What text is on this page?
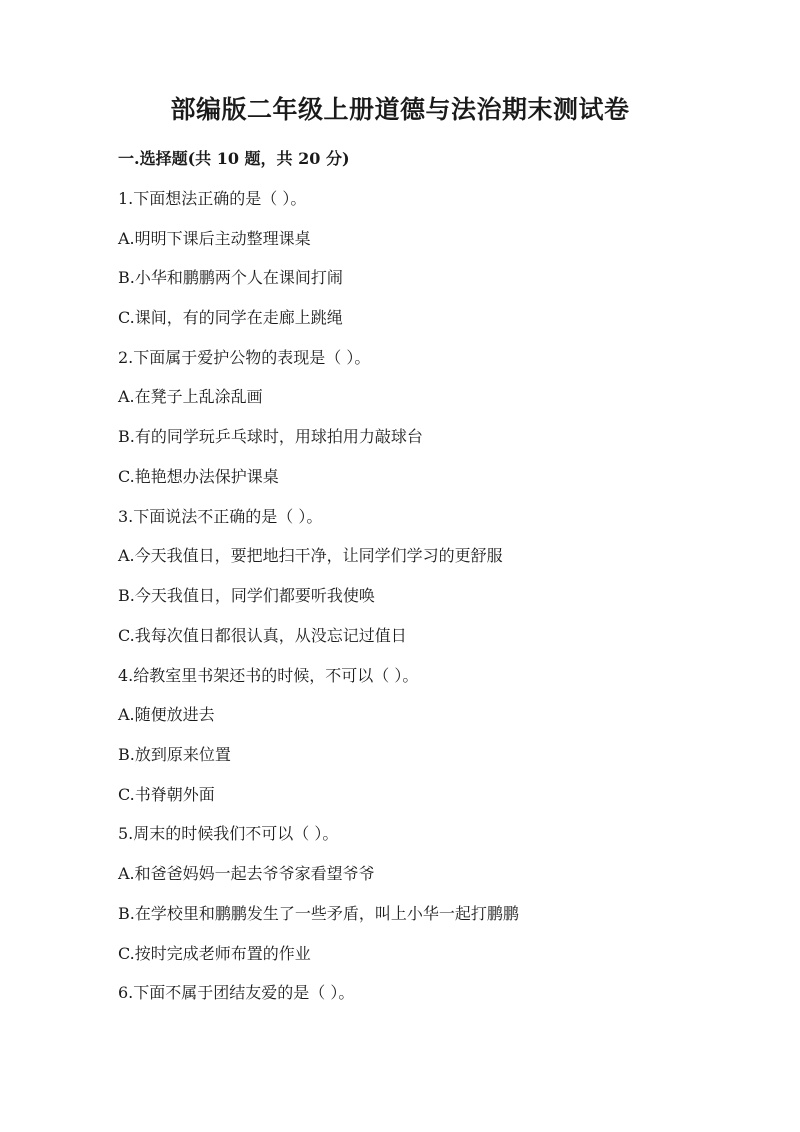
部编版二年级上册道德与法治期末测试卷
一.选择题(共 10 题，共 20 分)
1.下面想法正确的是（ ）。
A.明明下课后主动整理课桌
B.小华和鹏鹏两个人在课间打闹
C.课间，有的同学在走廊上跳绳
2.下面属于爱护公物的表现是（ ）。
A.在凳子上乱涂乱画
B.有的同学玩乒乓球时，用球拍用力敲球台
C.艳艳想办法保护课桌
3.下面说法不正确的是（ ）。
A.今天我值日，要把地扫干净，让同学们学习的更舒服
B.今天我值日，同学们都要听我使唤
C.我每次值日都很认真，从没忘记过值日
4.给教室里书架还书的时候，不可以（ ）。
A.随便放进去
B.放到原来位置
C.书脊朝外面
5.周末的时候我们不可以（ ）。
A.和爸爸妈妈一起去爷爷家看望爷爷
B.在学校里和鹏鹏发生了一些矛盾，叫上小华一起打鹏鹏
C.按时完成老师布置的作业
6.下面不属于团结友爱的是（ ）。
